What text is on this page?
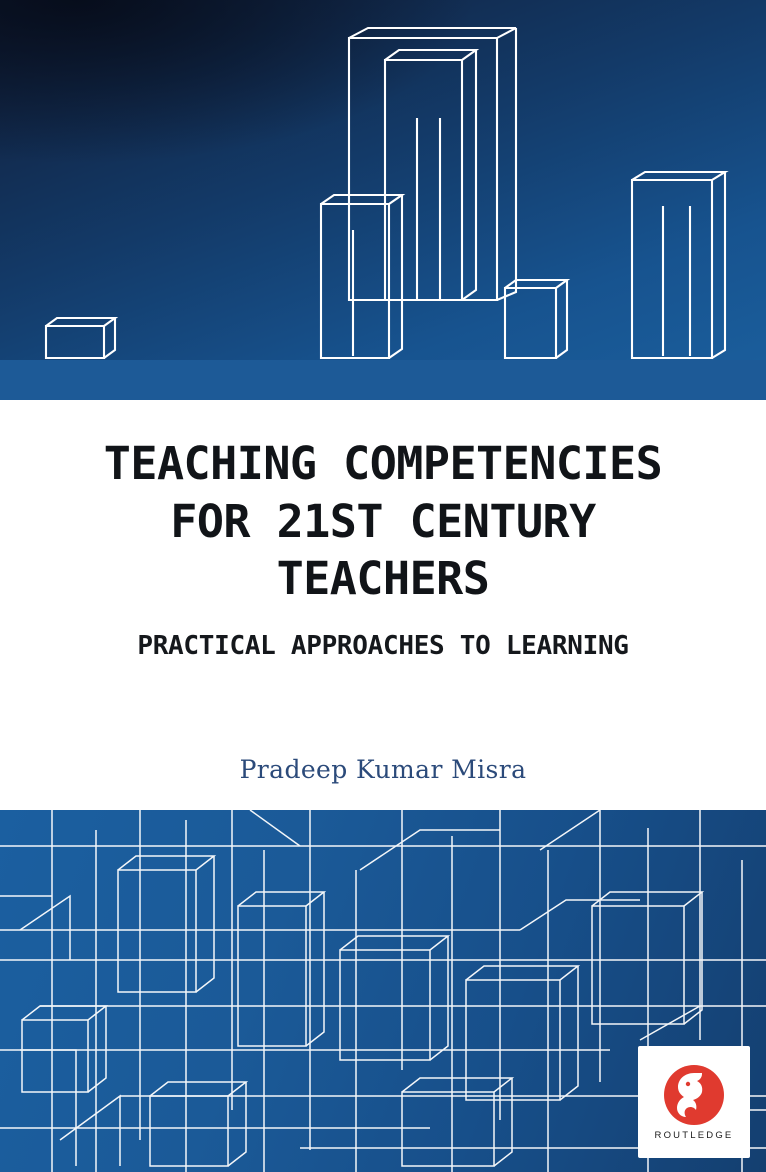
TEACHING COMPETENCIES
FOR 21ST CENTURY
TEACHERS

PRACTICAL APPROACHES TO LEARNING

Pradeep Kumar Misra
ROUTLEDGE
